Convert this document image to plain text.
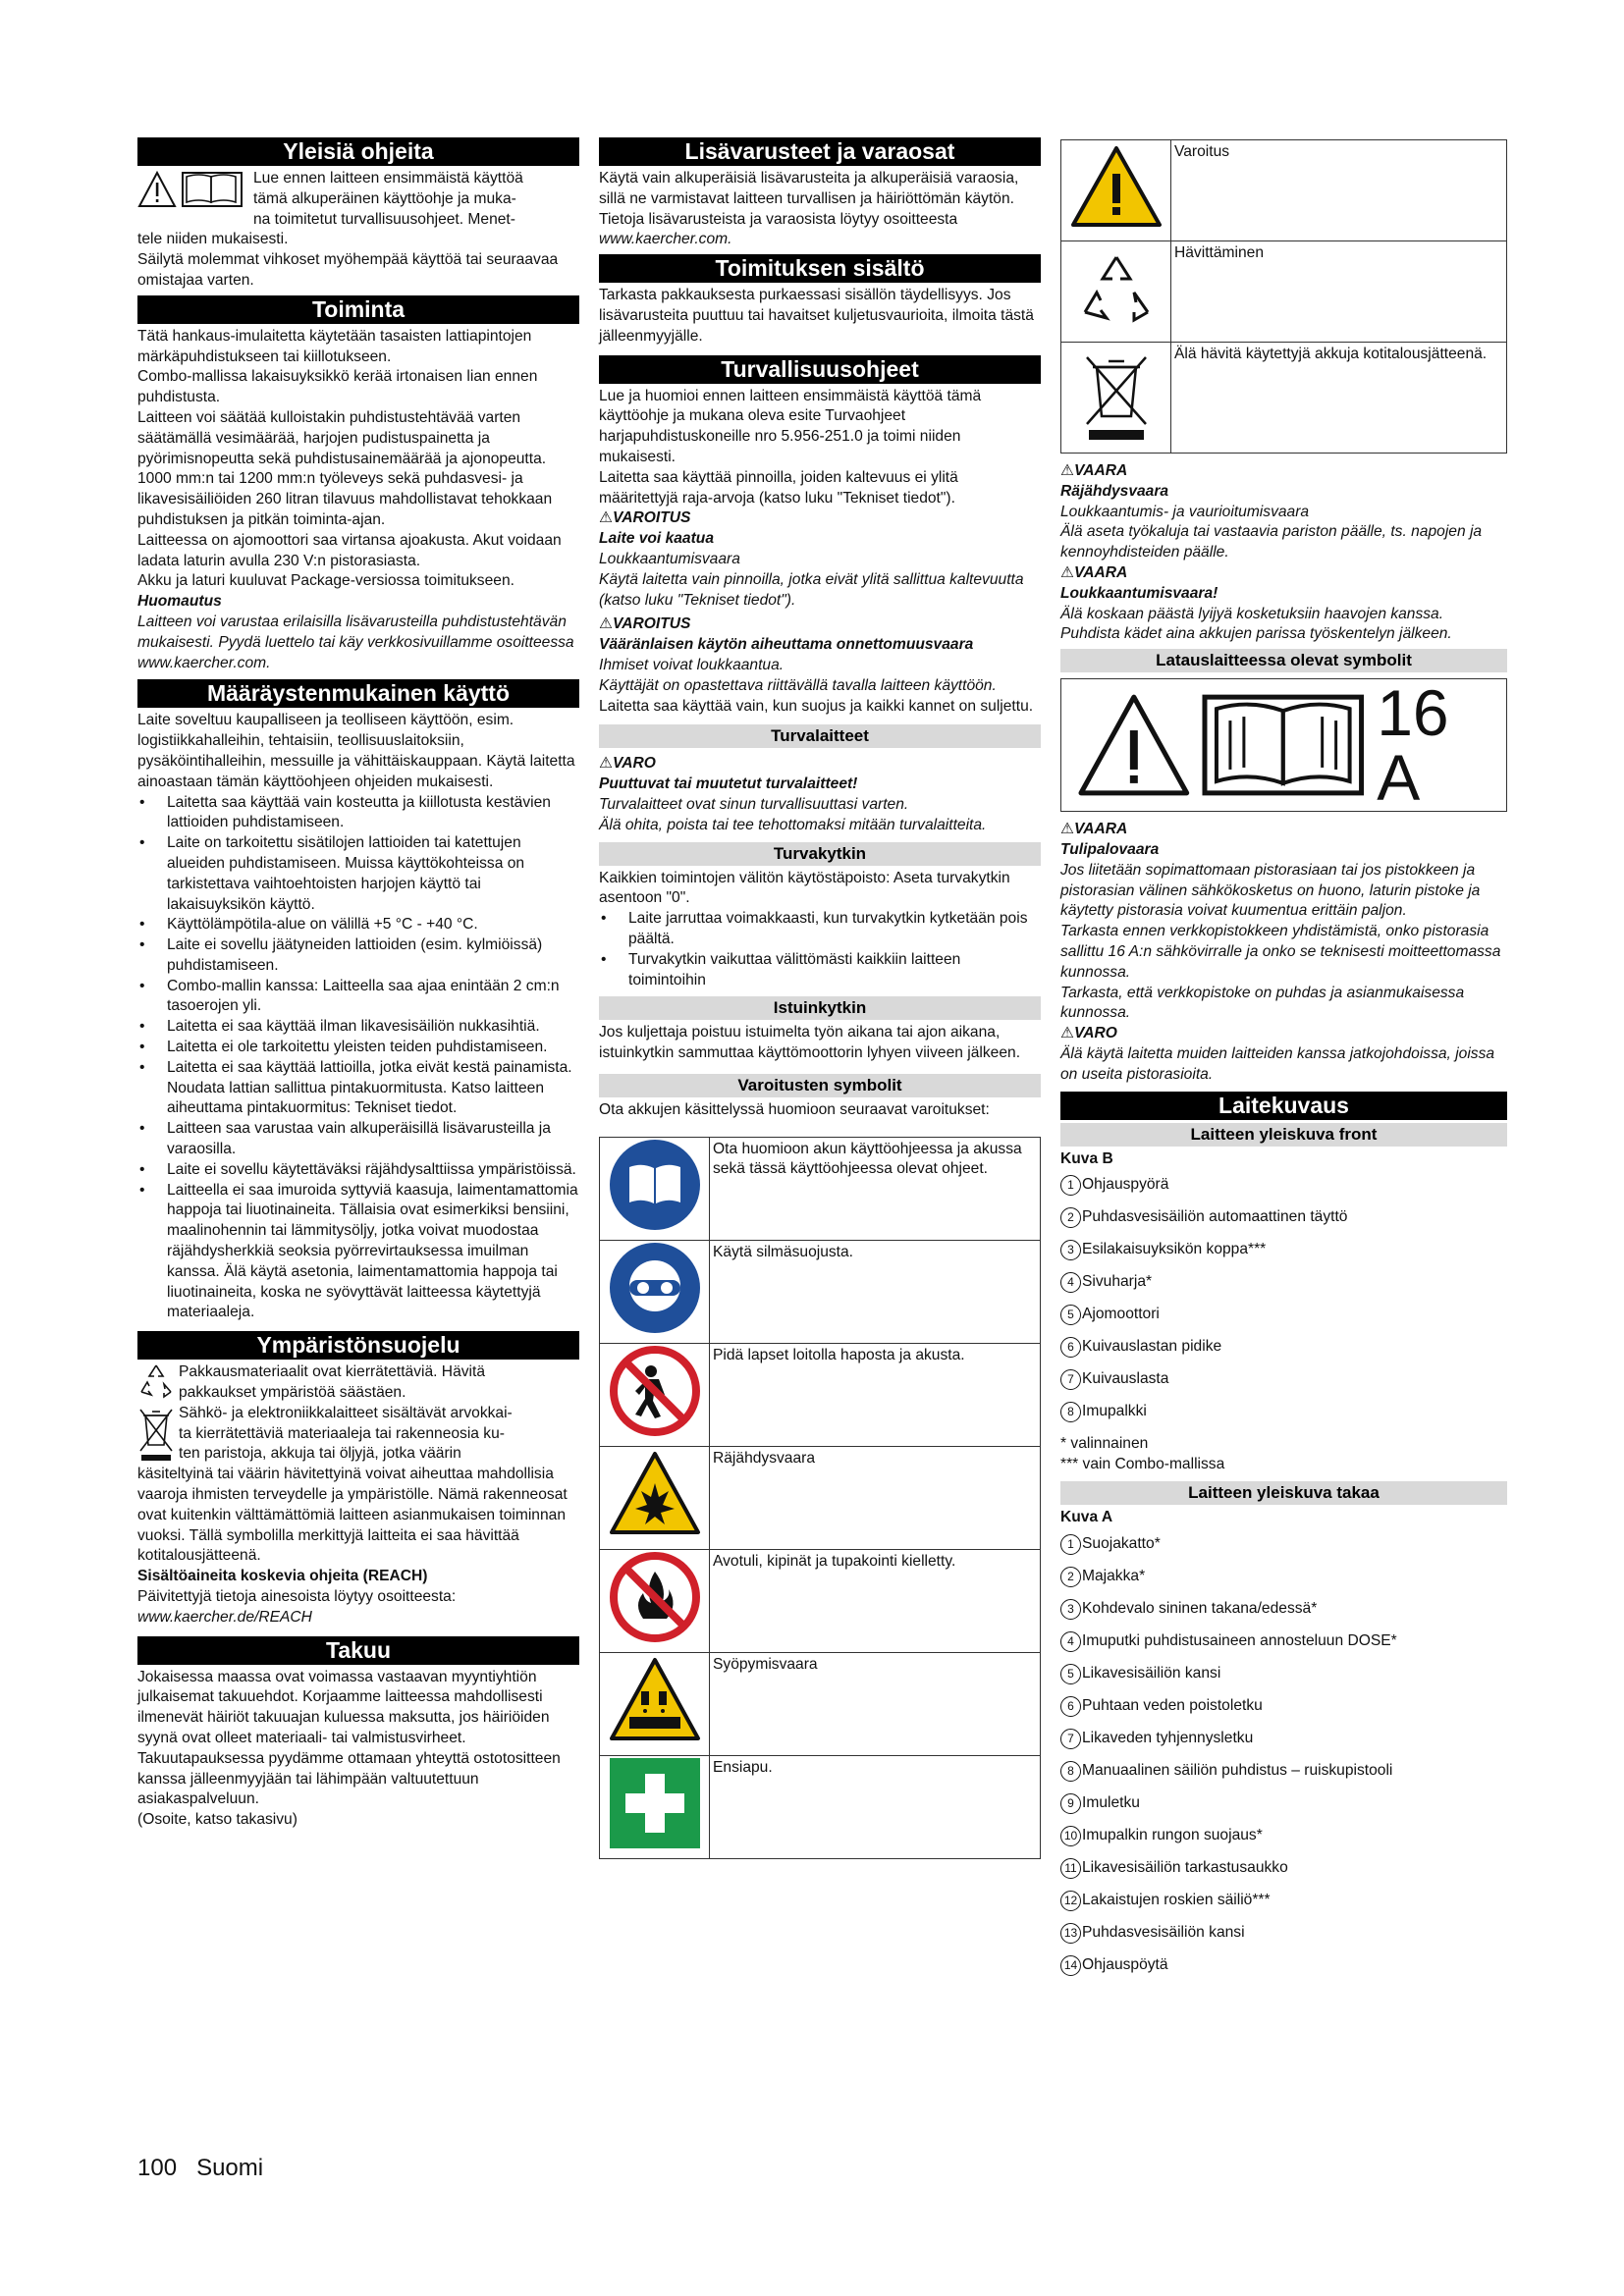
Yleisiä ohjeita

Lue ennen laitteen ensimmäistä käyttöä

tämä alkuperäinen käyttöohje ja muka-

na toimitetut turvallisuusohjeet. Menet-

tele niiden mukaisesti.

Säilytä molemmat vihkoset myöhempää käyttöä tai seuraavaa omistajaa varten.

Toiminta

Tätä hankaus-imulaitetta käytetään tasaisten lattiapintojen märkäpuhdistukseen tai kiillotukseen.

Combo-mallissa lakaisuyksikkö kerää irtonaisen lian ennen puhdistusta.

Laitteen voi säätää kulloistakin puhdistustehtävää varten säätämällä vesimäärää, harjojen pudistuspainetta ja pyörimisnopeutta sekä puhdistusainemäärää ja ajonopeutta.

1000 mm:n tai 1200 mm:n työleveys sekä puhdasvesi- ja likavesisäiliöiden 260 litran tilavuus mahdollistavat tehokkaan puhdistuksen ja pitkän toiminta-ajan.

Laitteessa on ajomoottori saa virtansa ajoakusta. Akut voidaan ladata laturin avulla 230 V:n pistorasiasta.

Akku ja laturi kuuluvat Package-versiossa toimitukseen.

Huomautus

Laitteen voi varustaa erilaisilla lisävarusteilla puhdistustehtävän mukaisesti. Pyydä luettelo tai käy verkkosivuillamme osoitteessa www.kaercher.com.

Määräystenmukainen käyttö

Laite soveltuu kaupalliseen ja teolliseen käyttöön, esim. logistiikkahalleihin, tehtaisiin, teollisuuslaitoksiin, pysäköintihalleihin, messuille ja vähittäiskauppaan. Käytä laitetta ainoastaan tämän käyttöohjeen ohjeiden mukaisesti.

• Laitetta saa käyttää vain kosteutta ja kiillotusta kestävien lattioiden puhdistamiseen.
• Laite on tarkoitettu sisätilojen lattioiden tai katettujen alueiden puhdistamiseen. Muissa käyttökohteissa on tarkistettava vaihtoehtoisten harjojen käyttö tai lakaisuyksikön käyttö.
• Käyttölämpötila-alue on välillä +5 °C - +40 °C.
• Laite ei sovellu jäätyneiden lattioiden (esim. kylmiöissä) puhdistamiseen.
• Combo-mallin kanssa: Laitteella saa ajaa enintään 2 cm:n tasoerojen yli.
• Laitetta ei saa käyttää ilman likavesisäiliön nukkasihtiä.
• Laitetta ei ole tarkoitettu yleisten teiden puhdistamiseen.
• Laitetta ei saa käyttää lattioilla, jotka eivät kestä painamista. Noudata lattian sallittua pintakuormitusta. Katso laitteen aiheuttama pintakuormitus: Tekniset tiedot.
• Laitteen saa varustaa vain alkuperäisillä lisävarusteilla ja varaosilla.
• Laite ei sovellu käytettäväksi räjähdysalttiissa ympäristöissä.
• Laitteella ei saa imuroida syttyviä kaasuja, laimentamattomia happoja tai liuotinaineita. Tällaisia ovat esimerkiksi bensiini, maalinohennin tai lämmitysöljy, jotka voivat muodostaa räjähdysherkkiä seoksia pyörrevirtauksessa imuilman kanssa. Älä käytä asetonia, laimentamattomia happoja tai liuotinaineita, koska ne syövyttävät laitteessa käytettyjä materiaaleja.
Ympäristönsuojelu

Pakkausmateriaalit ovat kierrätettäviä. Hävitä

pakkaukset ympäristöä säästäen.

Sähkö- ja elektroniikkalaitteet sisältävät arvokkai-

ta kierrätettäviä materiaaleja tai rakenneosia ku-

ten paristoja, akkuja tai öljyjä, jotka väärin

käsiteltyinä tai väärin hävitettyinä voivat aiheuttaa mahdollisia vaaroja ihmisten terveydelle ja ympäristölle. Nämä rakenneosat ovat kuitenkin välttämättömiä laitteen asianmukaisen toiminnan vuoksi. Tällä symbolilla merkittyjä laitteita ei saa hävittää kotitalousjätteenä.

Sisältöaineita koskevia ohjeita (REACH)

Päivitettyjä tietoja ainesoista löytyy osoitteesta:

www.kaercher.de/REACH

Takuu

Jokaisessa maassa ovat voimassa vastaavan myyntiyhtiön julkaisemat takuuehdot. Korjaamme laitteessa mahdollisesti ilmenevät häiriöt takuuajan kuluessa maksutta, jos häiriöiden syynä ovat olleet materiaali- tai valmistusvirheet. Takuutapauksessa pyydämme ottamaan yhteyttä ostotositteen kanssa jälleenmyyjään tai lähimpään valtuutettuun asiakaspalveluun.

(Osoite, katso takasivu)

Lisävarusteet ja varaosat

Käytä vain alkuperäisiä lisävarusteita ja alkuperäisiä varaosia, sillä ne varmistavat laitteen turvallisen ja häiriöttömän käytön.

Tietoja lisävarusteista ja varaosista löytyy osoitteesta

www.kaercher.com.

Toimituksen sisältö

Tarkasta pakkauksesta purkaessasi sisällön täydellisyys. Jos lisävarusteita puuttuu tai havaitset kuljetusvaurioita, ilmoita tästä jälleenmyyjälle.

Turvallisuusohjeet

Lue ja huomioi ennen laitteen ensimmäistä käyttöä tämä käyttöohje ja mukana oleva esite Turvaohjeet harjapuhdistuskoneille nro 5.956-251.0 ja toimi niiden mukaisesti.

Laitetta saa käyttää pinnoilla, joiden kaltevuus ei ylitä määritettyjä raja-arvoja (katso luku "Tekniset tiedot").

⚠VAROITUS

Laite voi kaatua

Loukkaantumisvaara

Käytä laitetta vain pinnoilla, jotka eivät ylitä sallittua kaltevuutta (katso luku "Tekniset tiedot").

⚠VAROITUS

Vääränlaisen käytön aiheuttama onnettomuusvaara

Ihmiset voivat loukkaantua.

Käyttäjät on opastettava riittävällä tavalla laitteen käyttöön.

Laitetta saa käyttää vain, kun suojus ja kaikki kannet on suljettu.

Turvalaitteet

⚠VARO

Puuttuvat tai muutetut turvalaitteet!

Turvalaitteet ovat sinun turvallisuuttasi varten.

Älä ohita, poista tai tee tehottomaksi mitään turvalaitteita.

Turvakytkin

Kaikkien toimintojen välitön käytöstäpoisto: Aseta turvakytkin asentoon "0".

• Laite jarruttaa voimakkaasti, kun turvakytkin kytketään pois päältä.
• Turvakytkin vaikuttaa välittömästi kaikkiin laitteen toimintoihin
Istuinkytkin

Jos kuljettaja poistuu istuimelta työn aikana tai ajon aikana, istuinkytkin sammuttaa käyttömoottorin lyhyen viiveen jälkeen.

Varoitusten symbolit

Ota akkujen käsittelyssä huomioon seuraavat varoitukset:

	Ota huomioon akun käyttöohjeessa ja akussa sekä tässä käyttöohjeessa olevat ohjeet.
	Käytä silmäsuojusta.
	Pidä lapset loitolla haposta ja akusta.
	Räjähdysvaara
	Avotuli, kipinät ja tupakointi kielletty.
	Syöpymisvaara
	Ensiapu.
	Varoitus
	Hävittäminen
	Älä hävitä käytettyjä akkuja kotitalousjätteenä.

⚠VAARA

Räjähdysvaara

Loukkaantumis- ja vaurioitumisvaara

Älä aseta työkaluja tai vastaavia pariston päälle, ts. napojen ja kennoyhdisteiden päälle.

⚠VAARA

Loukkaantumisvaara!

Älä koskaan päästä lyijyä kosketuksiin haavojen kanssa.

Puhdista kädet aina akkujen parissa työskentelyn jälkeen.

Latauslaitteessa olevat symbolit
16 A

⚠VAARA

Tulipalovaara

Jos liitetään sopimattomaan pistorasiaan tai jos pistokkeen ja pistorasian välinen sähkökosketus on huono, laturin pistoke ja käytetty pistorasia voivat kuumentua erittäin paljon.

Tarkasta ennen verkkopistokkeen yhdistämistä, onko pistorasia sallittu 16 A:n sähkövirralle ja onko se teknisesti moitteettomassa kunnossa.

Tarkasta, että verkkopistoke on puhdas ja asianmukaisessa kunnossa.

⚠VARO

Älä käytä laitetta muiden laitteiden kanssa jatkojohdoissa, joissa on useita pistorasioita.

Laitekuvaus
Laitteen yleiskuva front

Kuva B

1 Ohjauspyörä
2 Puhdasvesisäiliön automaattinen täyttö
3 Esilakaisuyksikön koppa***
4 Sivuharja*
5 Ajomoottori
6 Kuivauslastan pidike
7 Kuivauslasta
8 Imupalkki

* valinnainen

*** vain Combo-mallissa

Laitteen yleiskuva takaa

Kuva A

1 Suojakatto*
2 Majakka*
3 Kohdevalo sininen takana/edessä*
4 Imuputki puhdistusaineen annosteluun DOSE*
5 Likavesisäiliön kansi
6 Puhtaan veden poistoletku
7 Likaveden tyhjennysletku
8 Manuaalinen säiliön puhdistus – ruiskupistooli
9 Imuletku
10 Imupalkin rungon suojaus*
11 Likavesisäiliön tarkastusaukko
12 Lakaistujen roskien säiliö***
13 Puhdasvesisäiliön kansi
14 Ohjauspöytä
100 Suomi
